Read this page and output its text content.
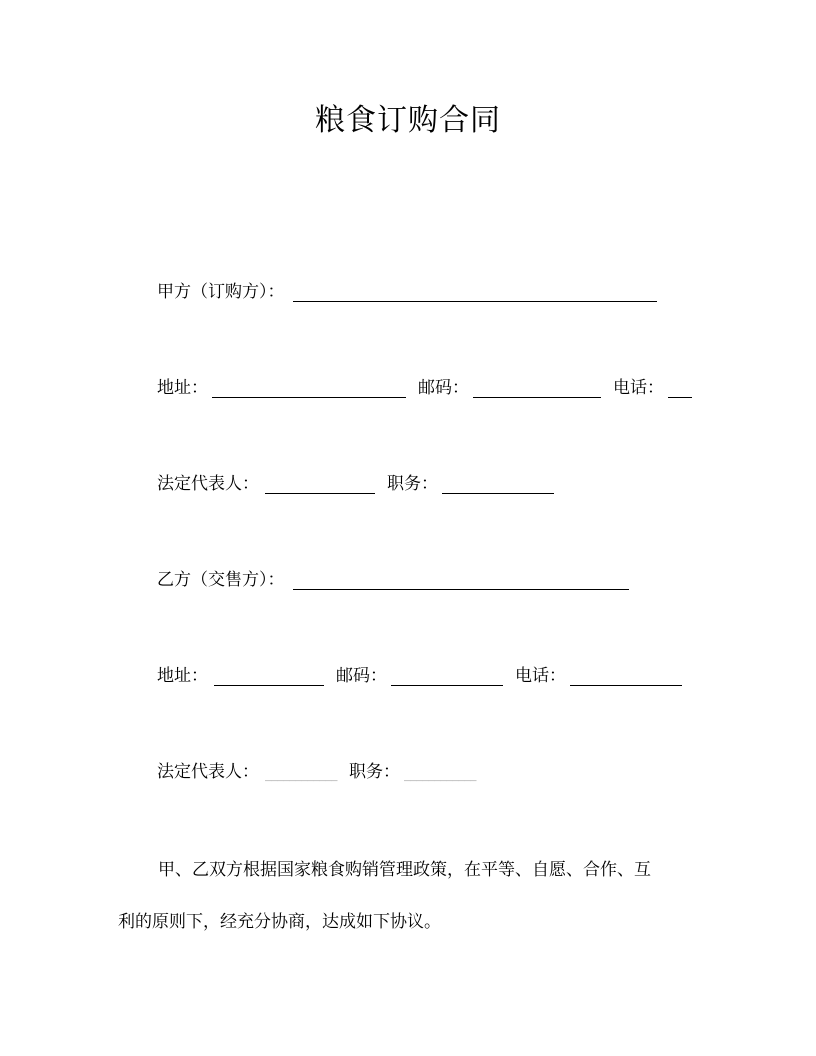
粮食订购合同
甲方（订购方）：
地址：	邮码：	电话：
法定代表人：	职务：
乙方（交售方）：
地址：	邮码：	电话：
法定代表人： ____________ 职务： ____________
甲、乙双方根据国家粮食购销管理政策，在平等、自愿、合作、互
利的原则下，经充分协商，达成如下协议。
